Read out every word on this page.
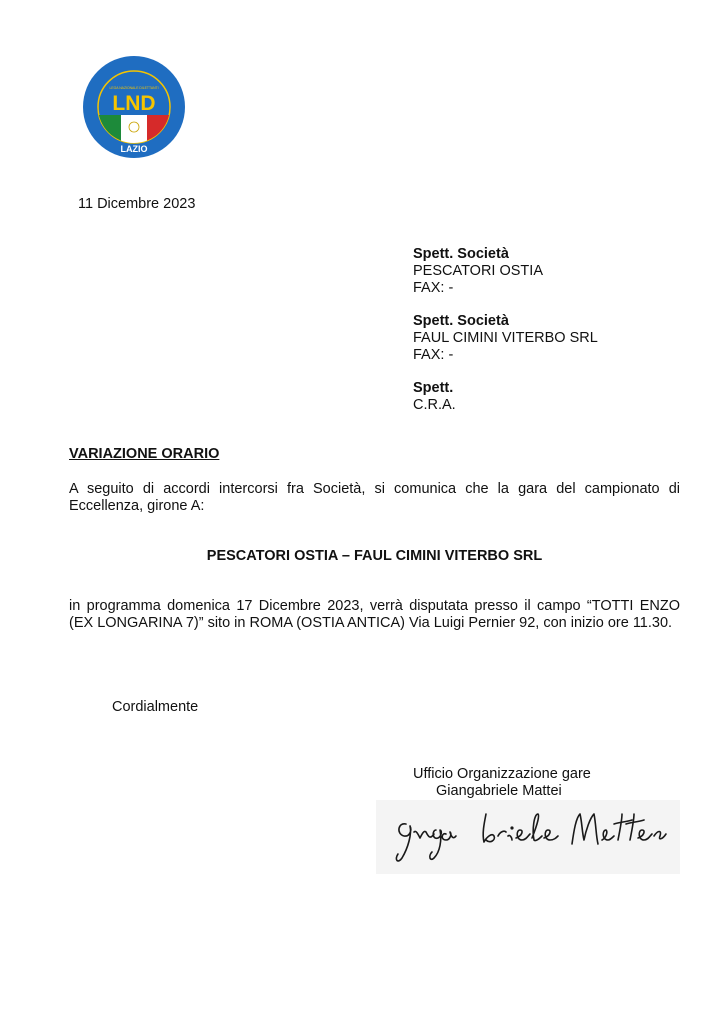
LND
LEGA NAZIONALE DILETTANTI
LAZIO
11 Dicembre 2023
Spett. Società
PESCATORI OSTIA
FAX: -
Spett. Società
FAUL CIMINI VITERBO SRL
FAX: -
Spett.
C.R.A.
VARIAZIONE ORARIO
A seguito di accordi intercorsi fra Società, si comunica che la gara del campionato di Eccellenza, girone A:
PESCATORI OSTIA – FAUL CIMINI VITERBO SRL
in programma domenica 17 Dicembre 2023, verrà disputata presso il campo “TOTTI ENZO (EX LONGARINA 7)” sito in ROMA (OSTIA ANTICA) Via Luigi Pernier 92, con inizio ore 11.30.
Cordialmente
Ufficio Organizzazione gare
Giangabriele Mattei
